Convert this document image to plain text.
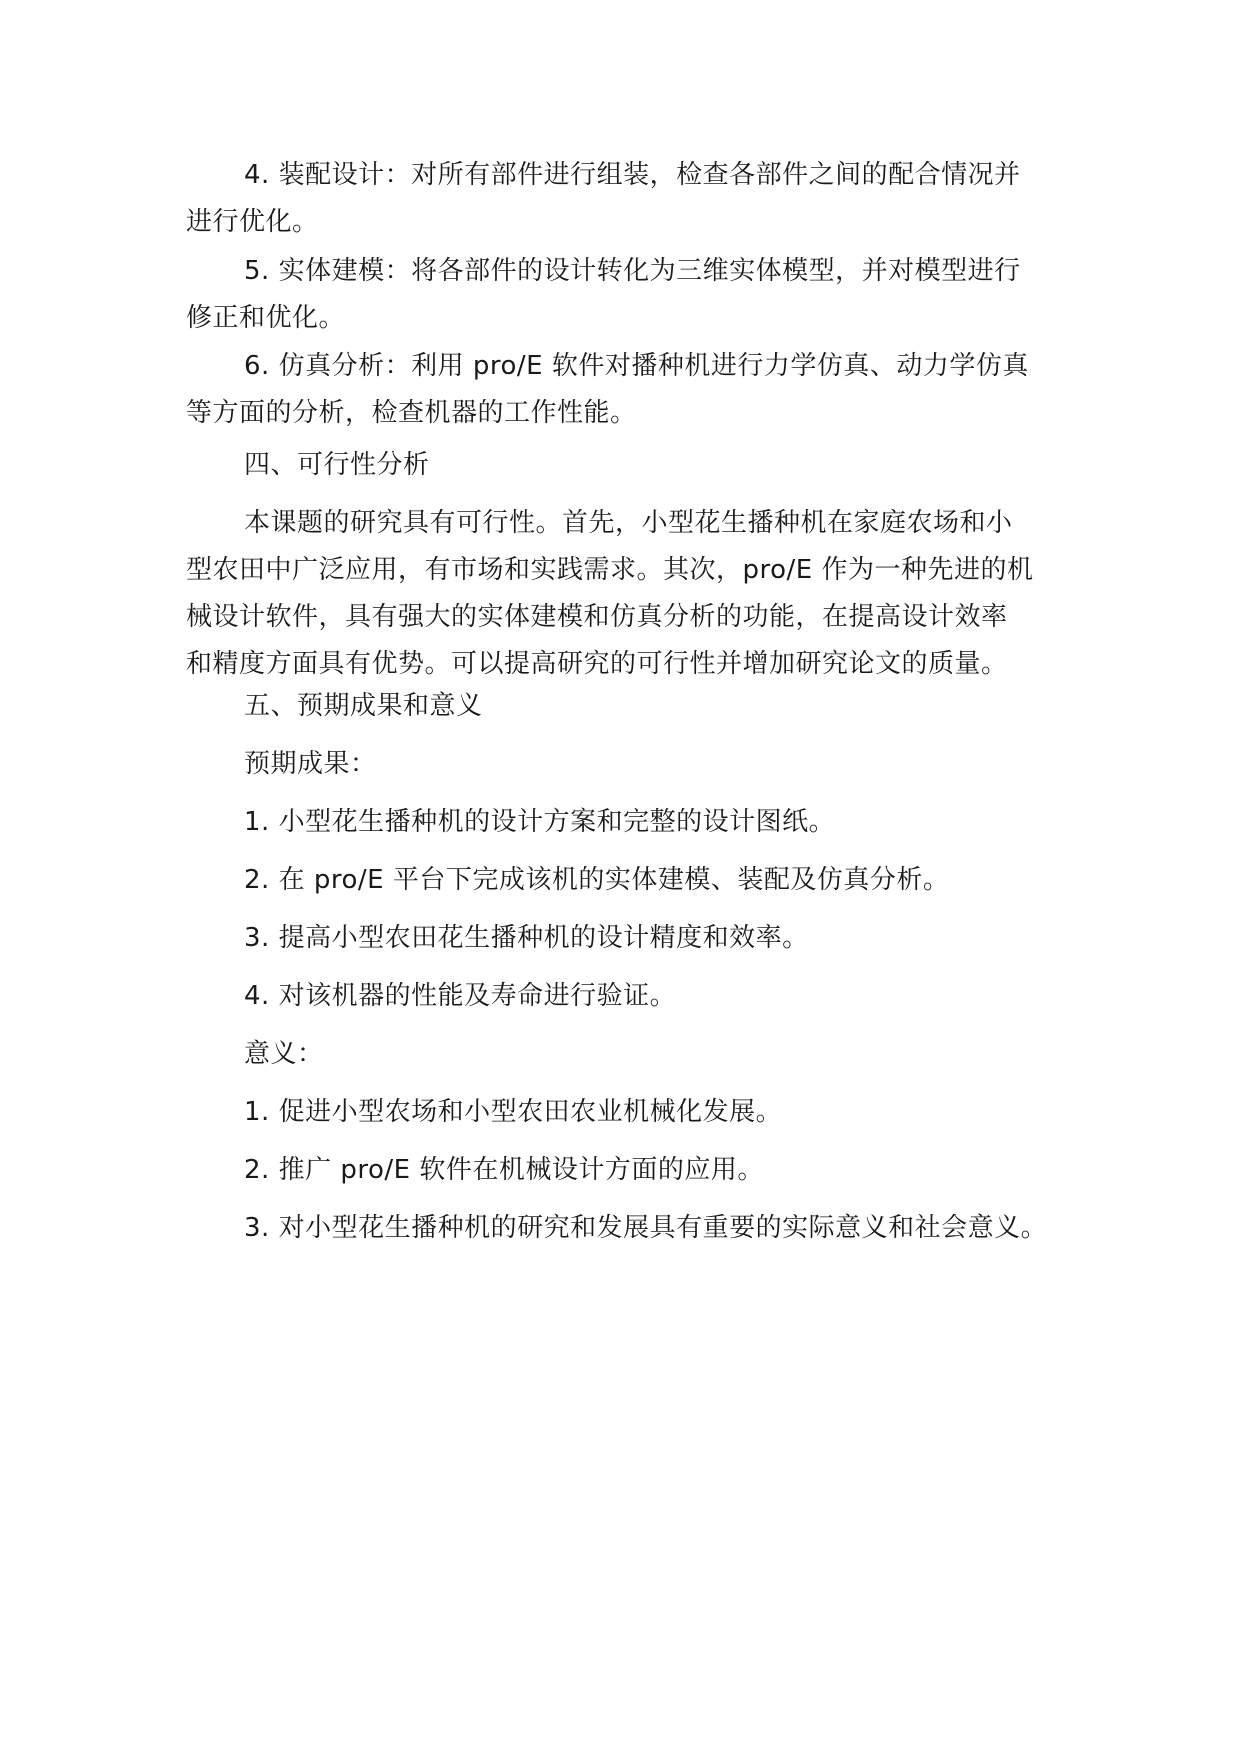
4. 装配设计：对所有部件进行组装，检查各部件之间的配合情况并
进行优化。

5. 实体建模：将各部件的设计转化为三维实体模型，并对模型进行
修正和优化。

6. 仿真分析：利用 pro/E 软件对播种机进行力学仿真、动力学仿真
等方面的分析，检查机器的工作性能。

四、可行性分析

本课题的研究具有可行性。首先，小型花生播种机在家庭农场和小
型农田中广泛应用，有市场和实践需求。其次，pro/E 作为一种先进的机
械设计软件，具有强大的实体建模和仿真分析的功能，在提高设计效率
和精度方面具有优势。可以提高研究的可行性并增加研究论文的质量。

五、预期成果和意义

预期成果：

1. 小型花生播种机的设计方案和完整的设计图纸。

2. 在 pro/E 平台下完成该机的实体建模、装配及仿真分析。

3. 提高小型农田花生播种机的设计精度和效率。

4. 对该机器的性能及寿命进行验证。

意义：

1. 促进小型农场和小型农田农业机械化发展。

2. 推广 pro/E 软件在机械设计方面的应用。

3. 对小型花生播种机的研究和发展具有重要的实际意义和社会意义。
